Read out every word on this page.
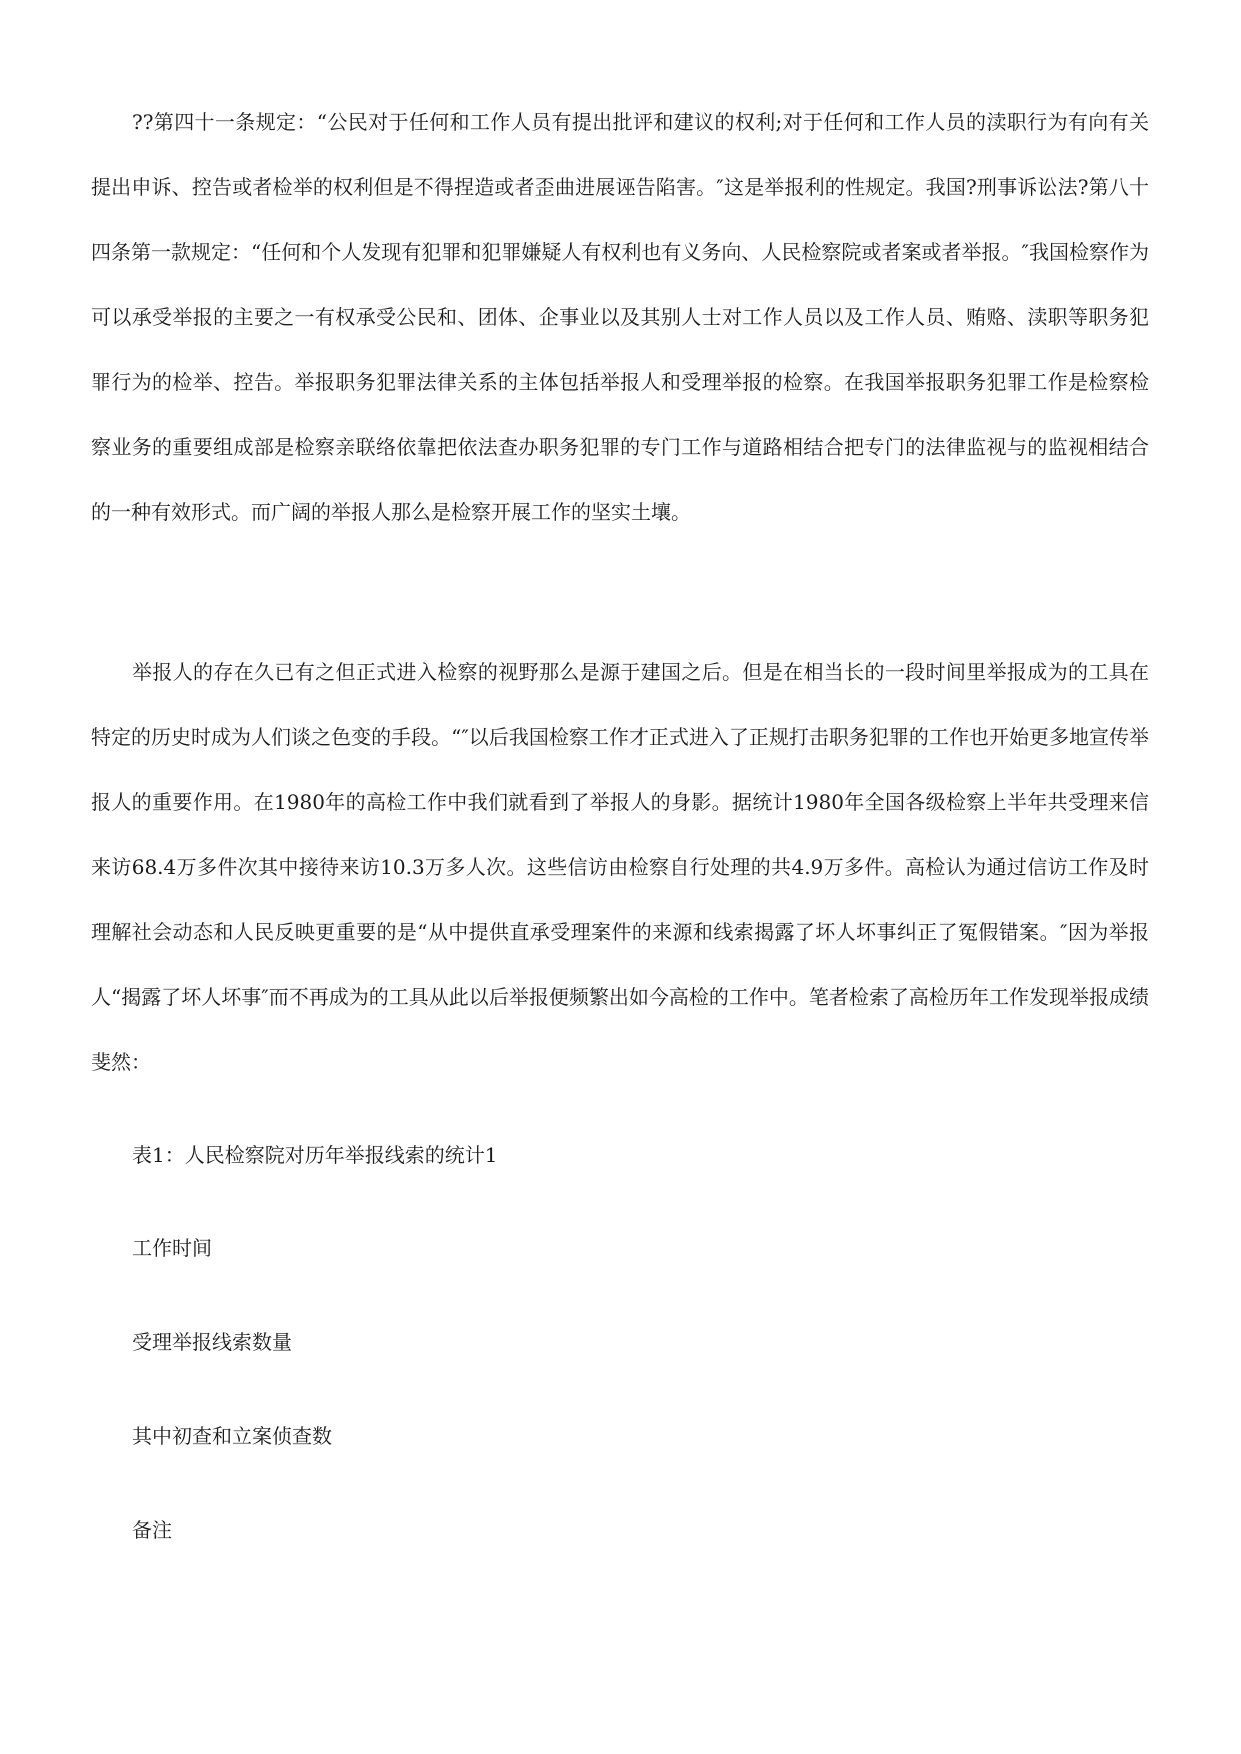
??第四十一条规定：“公民对于任何和工作人员有提出批评和建议的权利;对于任何和工作人员的渎职行为有向有关提出申诉、控告或者检举的权利但是不得捏造或者歪曲进展诬告陷害。″这是举报利的性规定。我国?刑事诉讼法?第八十四条第一款规定：“任何和个人发现有犯罪和犯罪嫌疑人有权利也有义务向、人民检察院或者案或者举报。″我国检察作为可以承受举报的主要之一有权承受公民和、团体、企事业以及其别人士对工作人员以及工作人员、贿赂、渎职等职务犯罪行为的检举、控告。举报职务犯罪法律关系的主体包括举报人和受理举报的检察。在我国举报职务犯罪工作是检察检察业务的重要组成部是检察亲联络依靠把依法查办职务犯罪的专门工作与道路相结合把专门的法律监视与的监视相结合的一种有效形式。而广阔的举报人那么是检察开展工作的坚实土壤。

举报人的存在久已有之但正式进入检察的视野那么是源于建国之后。但是在相当长的一段时间里举报成为的工具在特定的历史时成为人们谈之色变的手段。“″以后我国检察工作才正式进入了正规打击职务犯罪的工作也开始更多地宣传举报人的重要作用。在1980年的高检工作中我们就看到了举报人的身影。据统计1980年全国各级检察上半年共受理来信来访68.4万多件次其中接待来访10.3万多人次。这些信访由检察自行处理的共4.9万多件。高检认为通过信访工作及时理解社会动态和人民反映更重要的是“从中提供直承受理案件的来源和线索揭露了坏人坏事纠正了冤假错案。″因为举报人“揭露了坏人坏事″而不再成为的工具从此以后举报便频繁出如今高检的工作中。笔者检索了高检历年工作发现举报成绩斐然：

表1：人民检察院对历年举报线索的统计1

工作时间

受理举报线索数量

其中初查和立案侦查数

备注
